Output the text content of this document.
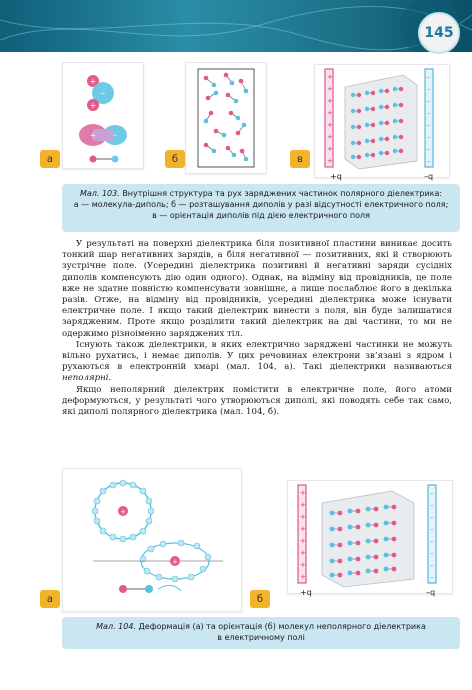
145
+
–
+
+ –
а	б
+
+
+
+
+
+
+
+
–
–
–
–
–
–
–
–
+q	–q
в
Мал. 103. Внутрішня структура та рух заряджених частинок полярного діелектрика:
а — молекула-диполь; б — розташування диполів у разі відсутності електричного поля;
в — орієнтація диполів під дією електричного поля

У результаті на поверхні діелектрика біля позитивної пластини виникає досить тонкий шар негативних зарядів, а біля негативної — позитивних, які й створюють зустрічне поле. (Усередині діелектрика позитивні й негативні заряди сусідніх диполів компенсують дію один одного). Однак, на відміну від провідників, це поле вже не здатне повністю компенсувати зовнішнє, а лише послаблює його в декілька разів. Отже, на відміну від провідників, усередині діелектрика може існувати електричне поле. І якщо такий діелектрик винести з поля, він буде залишатися зарядженим. Проте якщо розділити такий діелектрик на дві частини, то ми не одержимо різноіменно заряджених тіл.

Існують також діелектрики, в яких електрично заряджені частинки не можуть вільно рухатись, і немає диполів. У цих речовинах електрони зв’язані з ядром і рухаються в електронній хмарі (мал. 104, а). Такі діелектрики називаються неполярні.

Якщо неполярний діелектрик помістити в електричне поле, його атоми деформуються, у результаті чого утворюються диполі, які поводять себе так само, які диполі полярного діелектрика (мал. 104, б).

+
+
а
+
+
+
+
+
+
+
+
–
–
–
–
–
–
–
–
+q	–q
б
Мал. 104. Деформація (а) та орієнтація (б) молекул неполярного діелектрика
в електричному полі
